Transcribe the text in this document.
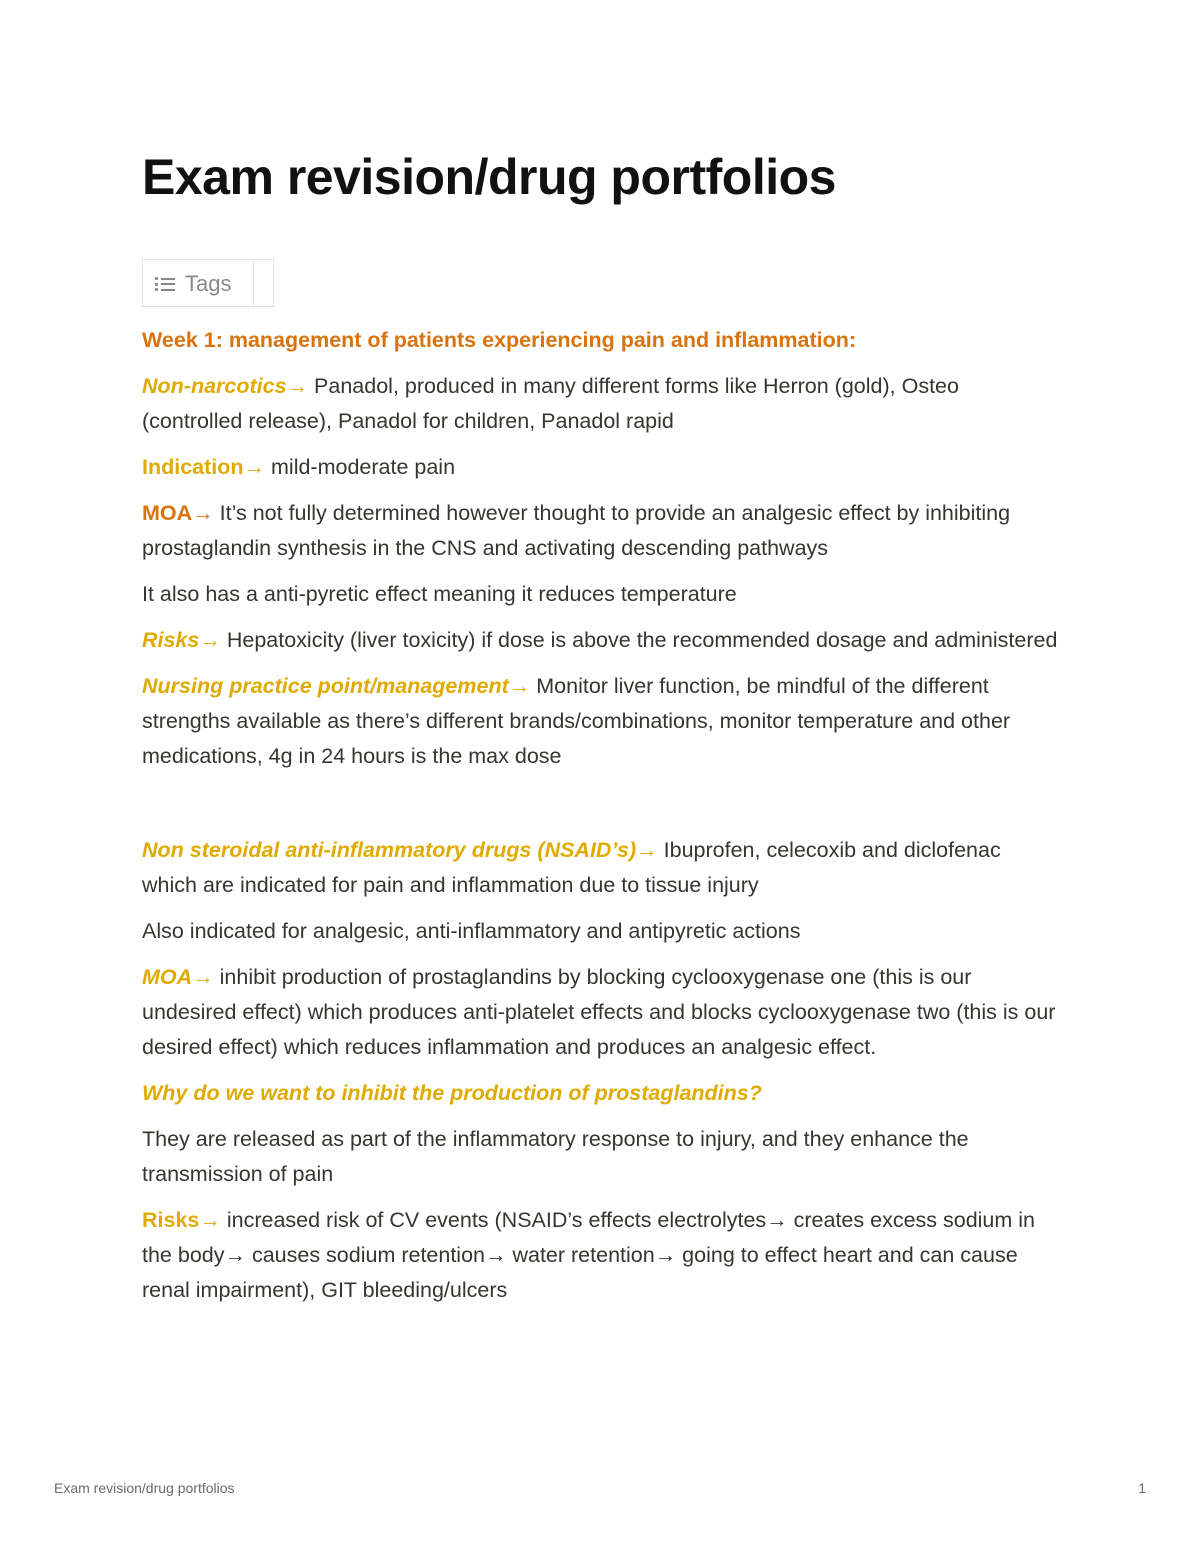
Exam revision/drug portfolios
Tags

Week 1: management of patients experiencing pain and inflammation:

Non-narcotics→ Panadol, produced in many different forms like Herron (gold), Osteo (controlled release), Panadol for children, Panadol rapid

Indication→ mild-moderate pain

MOA→ It’s not fully determined however thought to provide an analgesic effect by inhibiting prostaglandin synthesis in the CNS and activating descending pathways

It also has a anti-pyretic effect meaning it reduces temperature

Risks→ Hepatoxicity (liver toxicity) if dose is above the recommended dosage and administered

Nursing practice point/management→ Monitor liver function, be mindful of the different strengths available as there’s different brands/combinations, monitor temperature and other medications, 4g in 24 hours is the max dose

Non steroidal anti-inflammatory drugs (NSAID’s)→ Ibuprofen, celecoxib and diclofenac which are indicated for pain and inflammation due to tissue injury

Also indicated for analgesic, anti-inflammatory and antipyretic actions

MOA→ inhibit production of prostaglandins by blocking cyclooxygenase one (this is our undesired effect) which produces anti-platelet effects and blocks cyclooxygenase two (this is our desired effect) which reduces inflammation and produces an analgesic effect.

Why do we want to inhibit the production of prostaglandins?

They are released as part of the inflammatory response to injury, and they enhance the transmission of pain

Risks→ increased risk of CV events (NSAID’s effects electrolytes→ creates excess sodium in the body→ causes sodium retention→ water retention→ going to effect heart and can cause renal impairment), GIT bleeding/ulcers

Exam revision/drug portfolios	1
